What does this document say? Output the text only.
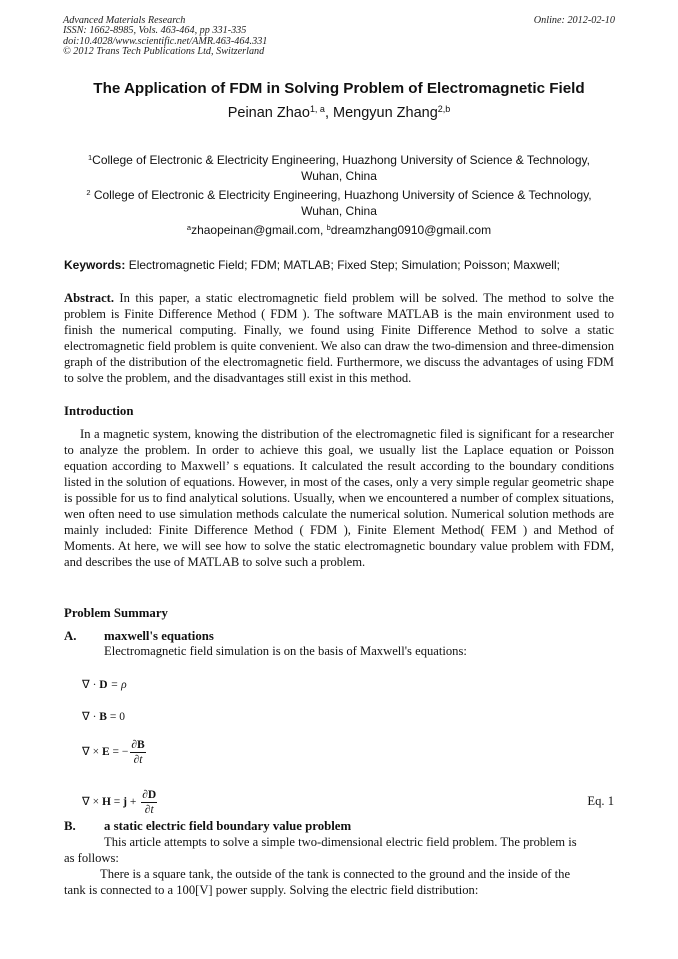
Advanced Materials Research
ISSN: 1662-8985, Vols. 463-464, pp 331-335
doi:10.4028/www.scientific.net/AMR.463-464.331
© 2012 Trans Tech Publications Ltd, Switzerland
Online: 2012-02-10
The Application of FDM in Solving Problem of Electromagnetic Field
Peinan Zhao$^{1, a}$, Mengyun Zhang$^{2,b}$
$^1$College of Electronic & Electricity Engineering, Huazhong University of Science & Technology,
Wuhan, China
$^2$ College of Electronic & Electricity Engineering, Huazhong University of Science & Technology,
Wuhan, China
$^a$zhaopeinan@gmail.com, $^b$dreamzhang0910@gmail.com
Keywords: Electromagnetic Field; FDM; MATLAB; Fixed Step; Simulation; Poisson; Maxwell;

Abstract. In this paper, a static electromagnetic field problem will be solved. The method to solve the problem is Finite Difference Method ( FDM ). The software MATLAB is the main environment used to finish the numerical computing. Finally, we found using Finite Difference Method to solve a static electromagnetic field problem is quite convenient. We also can draw the two-dimension and three-dimension graph of the distribution of the electromagnetic field. Furthermore, we discuss the advantages of using FDM to solve the problem, and the disadvantages still exist in this method.

Introduction

In a magnetic system, knowing the distribution of the electromagnetic filed is significant for a researcher to analyze the problem. In order to achieve this goal, we usually list the Laplace equation or Poisson equation according to Maxwell’ s equations. It calculated the result according to the boundary conditions listed in the solution of equations. However, in most of the cases, only a very simple regular geometric shape is possible for us to find analytical solutions. Usually, when we encountered a number of complex situations, wen often need to use simulation methods calculate the numerical solution. Numerical solution methods are mainly included: Finite Difference Method ( FDM ), Finite Element Method( FEM ) and Method of Moments. At here, we will see how to solve the static electromagnetic boundary value problem with FDM, and describes the use of MATLAB to solve such a problem.

Problem Summary
A. maxwell's equations
Electromagnetic field simulation is on the basis of Maxwell's equations:
∇ · D = ρ
∇ · B = 0
∇ × E = − $\frac{\partial B}{\partial t}$
∇ × $H = j + \frac{\partial D}{\partial t}$	Eq. 1
B. a static electric field boundary value problem
This article attempts to solve a simple two-dimensional electric field problem. The problem is
as follows:
There is a square tank, the outside of the tank is connected to the ground and the inside of the
tank is connected to a 100[V] power supply. Solving the electric field distribution:
